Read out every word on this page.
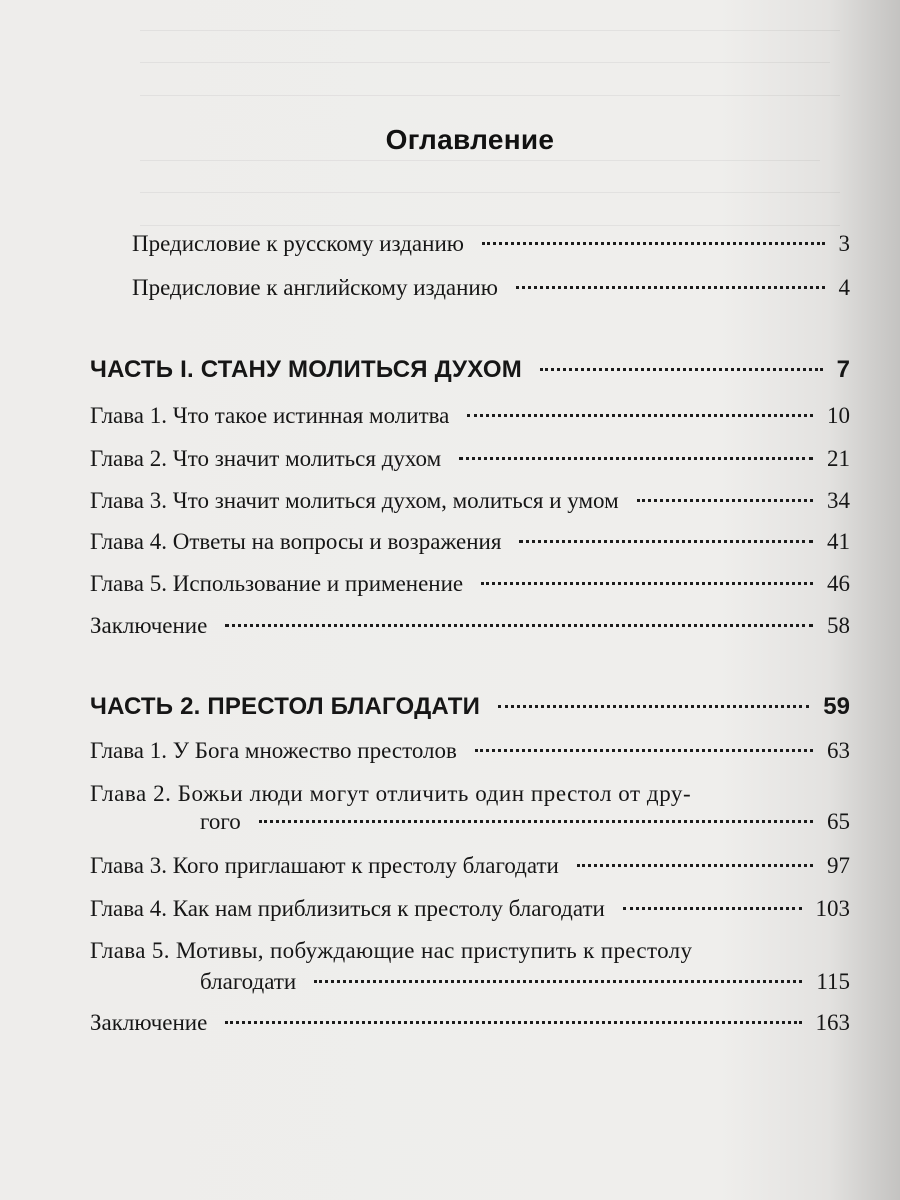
Оглавление
Предисловие к русскому изданию	3
Предисловие к английскому изданию	4
ЧАСТЬ I. СТАНУ МОЛИТЬСЯ ДУХОМ	7
Глава 1. Что такое истинная молитва	10
Глава 2. Что значит молиться духом	21
Глава 3. Что значит молиться духом, молиться и умом	34
Глава 4. Ответы на вопросы и возражения	41
Глава 5. Использование и применение	46
Заключение	58
ЧАСТЬ 2. ПРЕСТОЛ БЛАГОДАТИ	59
Глава 1. У Бога множество престолов	63
Глава 2. Божьи люди могут отличить один престол от дру-
гого	65
Глава 3. Кого приглашают к престолу благодати	97
Глава 4. Как нам приблизиться к престолу благодати	103
Глава 5. Мотивы, побуждающие нас приступить к престолу
благодати	115
Заключение	163
